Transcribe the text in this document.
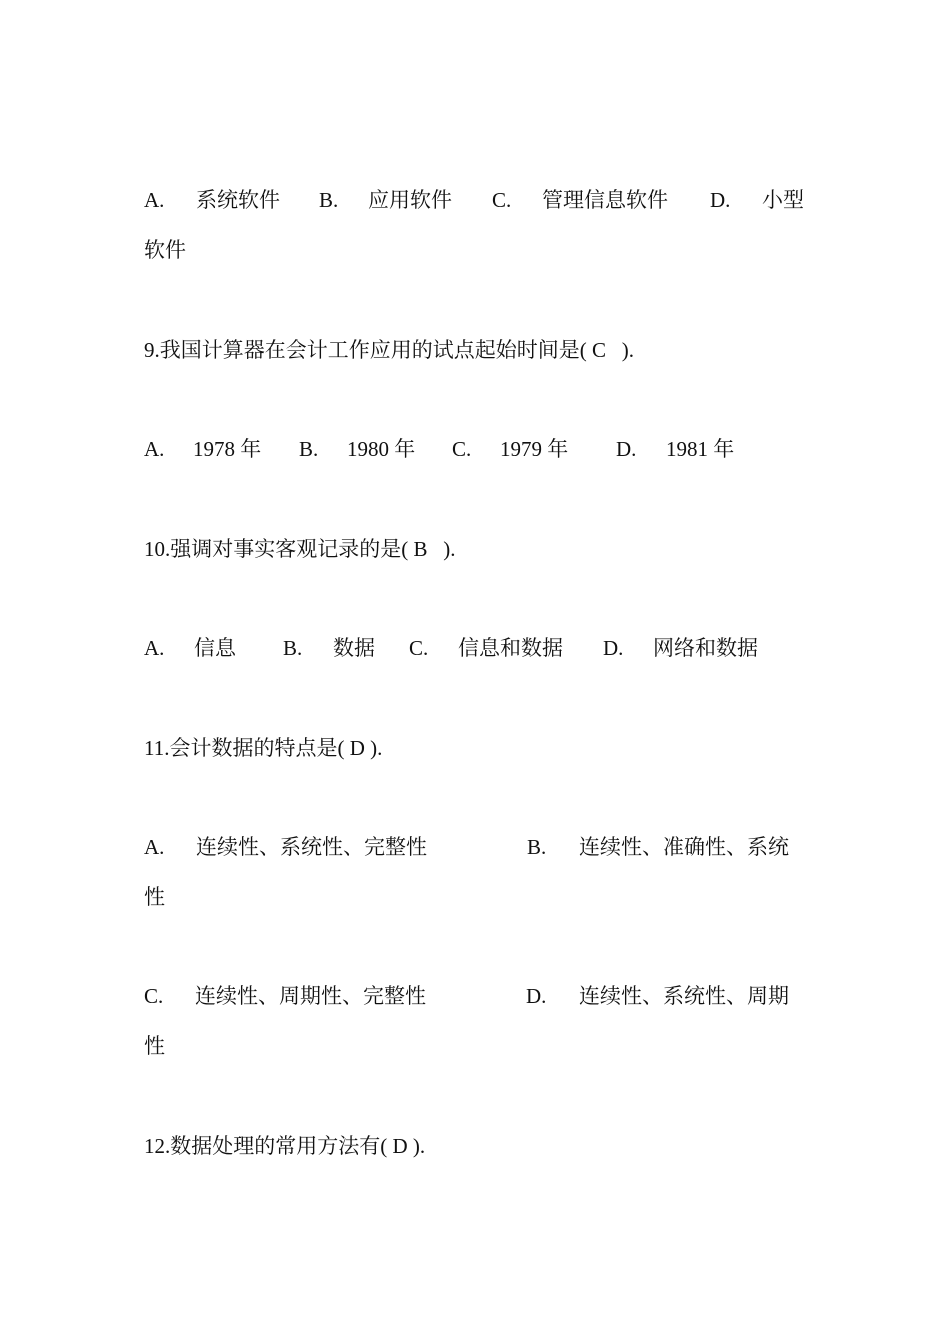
A. 系统软件 B. 应用软件 C. 管理信息软件 D. 小型
软件
9.我国计算器在会计工作应用的试点起始时间是( C   ).
A. 1978 年 B. 1980 年 C. 1979 年 D. 1981 年
10.强调对事实客观记录的是( B   ).
A. 信息 B. 数据 C. 信息和数据 D. 网络和数据
11.会计数据的特点是( D ).
A. 连续性、系统性、完整性	B. 连续性、准确性、系统
性
C. 连续性、周期性、完整性	D. 连续性、系统性、周期
性
12.数据处理的常用方法有( D ).
